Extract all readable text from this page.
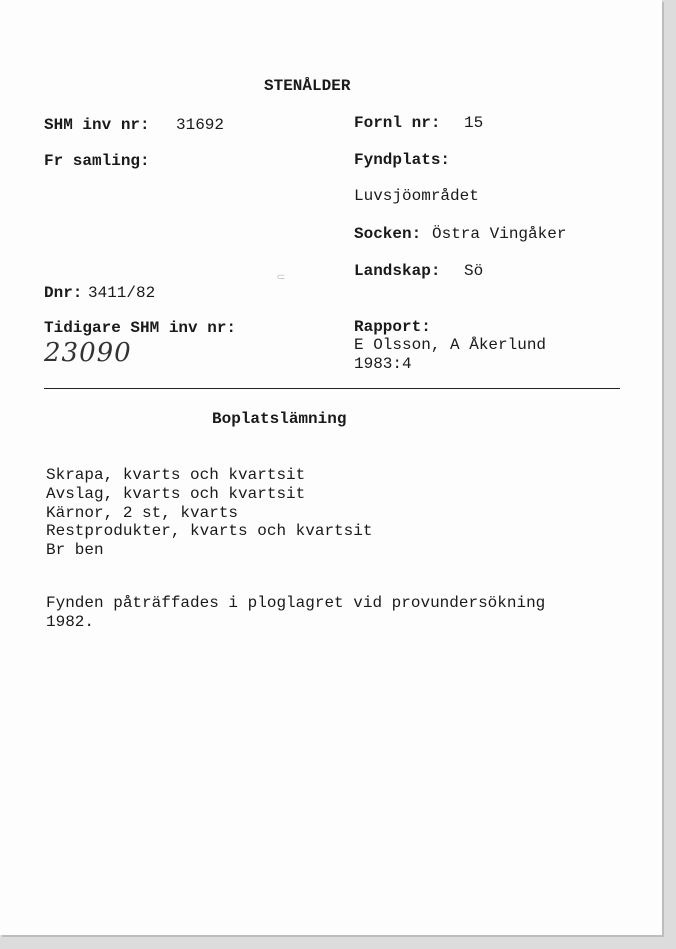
STENÅLDER
SHM inv nr: 31692	Fornl nr: 15
Fr samling:	Fyndplats:
Luvsjöområdet
Socken: Östra Vingåker
⸦	Landskap: Sö
Dnr: 3411/82
Tidigare SHM inv nr:
23090
Rapport:
E Olsson, A Åkerlund
1983:4
Boplatslämning
Skrapa, kvarts och kvartsit
Avslag, kvarts och kvartsit
Kärnor, 2 st, kvarts
Restprodukter, kvarts och kvartsit
Br ben
Fynden påträffades i ploglagret vid provundersökning
1982.
